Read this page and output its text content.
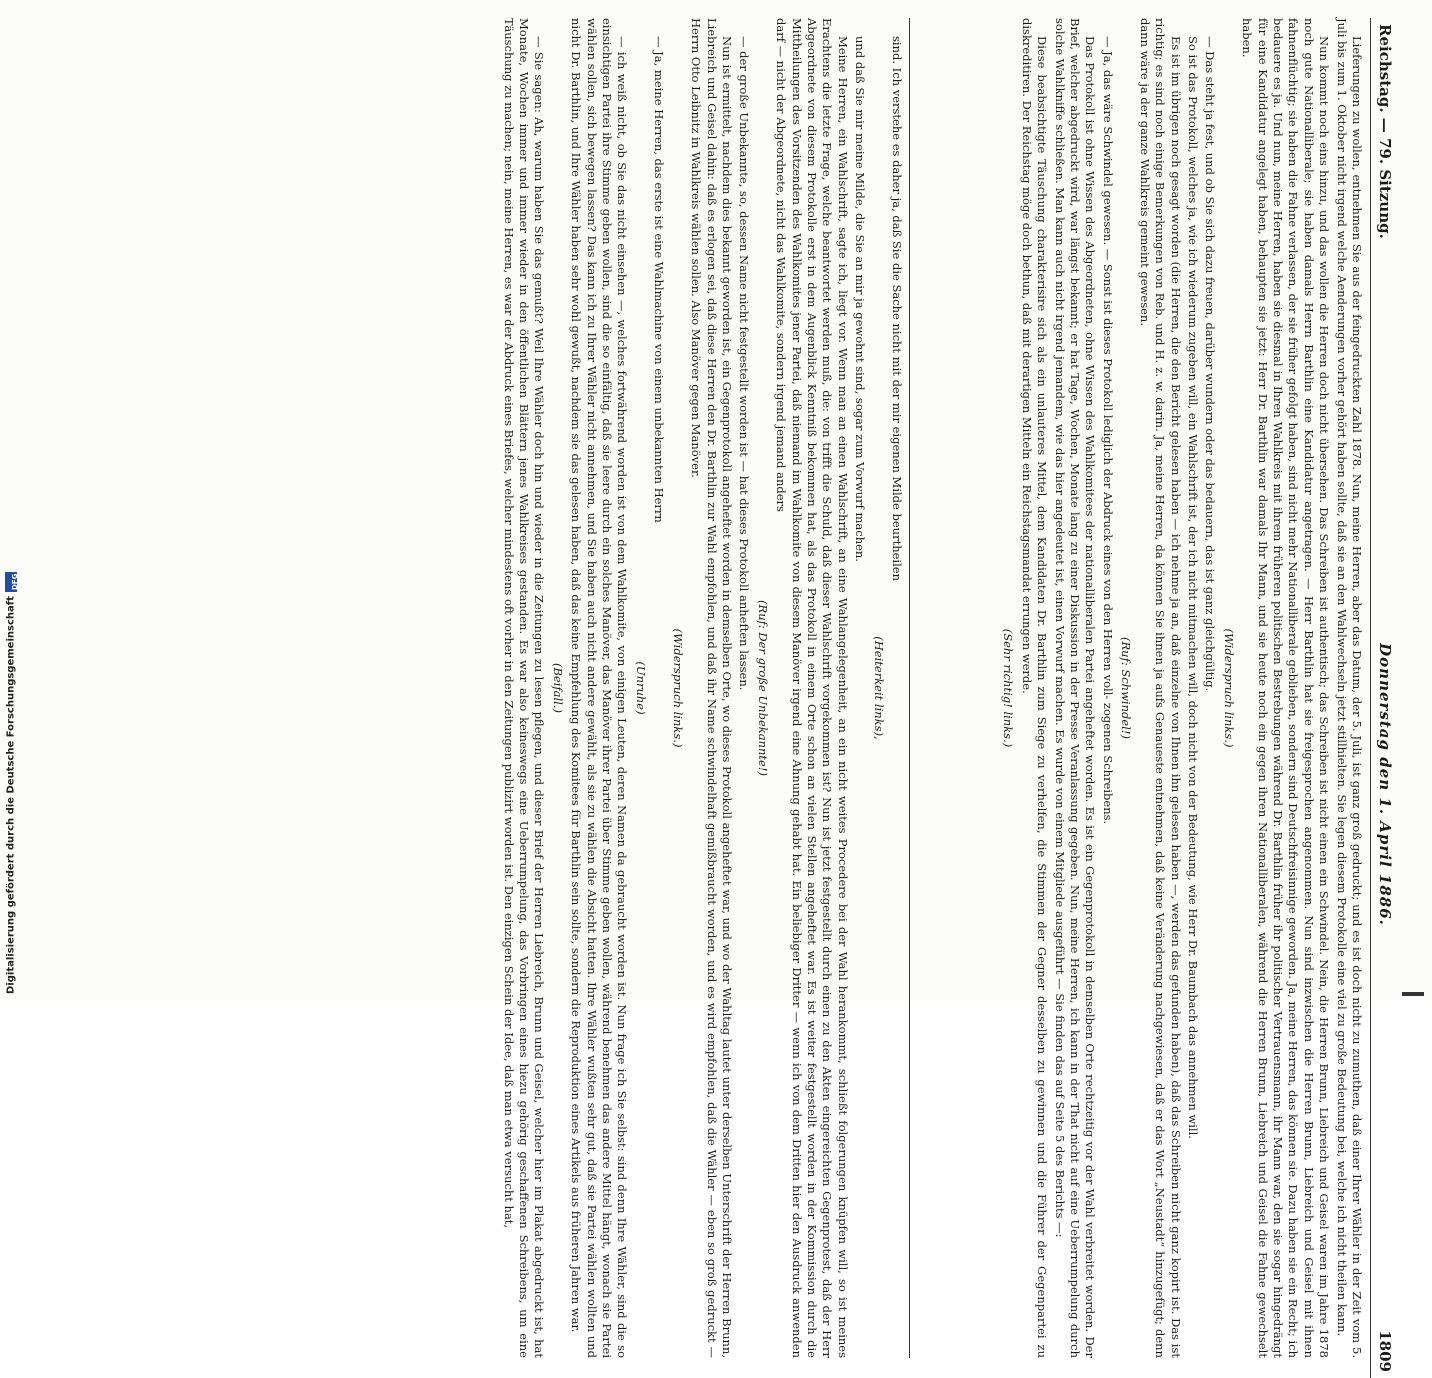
Reichstag. — 79. Sitzung.
Donnerstag den 1. April 1886.
1809

Lieferungen zu wollen, entnehmen Sie aus der feingedruckten Zahl 1878. Nun, meine Herren, aber das Datum, der 5. Juli, ist ganz groß gedruckt; und es ist doch nicht zu zumuthen, daß einer Ihrer Wähler in der Zeit vom 5. Juli bis zum 1. Oktober nicht irgend welche Aenderungen vorher gehört haben sollte, daß sie an den Wahlwechseln jetzt stillhielten. Sie legen diesem Protokolle eine viel zu große Bedeutung bei, welche ich nicht theilen kann.

Nun kommt noch eins hinzu, und das wollen die Herren doch nicht übersehen. Das Schreiben ist authentisch; das Schreiben ist nicht einen ein Schwindel. Nein, die Herren Brunn, Liebreich und Geisel waren im Jahre 1878 noch gute Nationalliberale; sie haben damals Herrn Barthlin eine Kandidatur angetragen. — Herr Barthlin hat sie freigesprochen angenommen. Nun sind inzwischen die Herren Brunn, Liebreich und Geisel mit ihnen fahnenflüchtig; sie haben die Fahne verlassen, der sie früher gefolgt haben, sind nicht mehr Nationalliberale geblieben, sondern sind Deutschfreisinnige geworden. Ja, meine Herren, das können sie. Dazu haben sie ein Recht; ich bedauere es ja. Und nun, meine Herren, haben sie diesmal in Ihren Wahlkreis mit ihrem früheren politischen Bestrebungen während Dr. Barthlin früher ihr politischer Vertrauensmann, ihr Mann war, den sie sogar hingedrängt für eine Kandidatur angelegt haben, behaupten sie jetzt: Herr Dr. Barthlin war damals Ihr Mann, und sie heute noch ein gegen ihren Nationalliberalen, während die Herren Brunn, Liebreich und Geisel die Fahne gewechselt haben.

(Widerspruch links.)

— Das steht ja fest, und ob Sie sich dazu freuen, darüber wundern oder das bedauern, das ist ganz gleichgültig.

So ist das Protokoll, welches ja, wie ich wiederum zugeben will, ein Wahlschrift ist, der ich nicht mitmachen will, doch nicht von der Bedeutung, wie Herr Dr. Baumbach das annehmen will.

Es ist im übrigen noch gesagt worden (die Herren, die den Bericht gelesen haben — ich nehme ja an, daß einzelne von Ihnen ihn gelesen haben —, werden das gefunden haben), daß das Schreiben nicht ganz kopirt ist. Das ist richtig; es sind noch einige Bemerkungen von Reb. und H. z. w. darin. Ja, meine Herren, da können Sie ihnen ja aufs Genaueste entnehmen, daß keine Veränderung nachgewiesen, daß er das Wort „Neustadt“ hinzugefügt; denn dann wäre ja der ganze Wahlkreis gemeint gewesen.

(Ruf: Schwindel!)

— Ja, das wäre Schwindel gewesen. — Sonst ist dieses Protokoll lediglich der Abdruck eines von den Herren voll- zogenen Schreibens.

Das Protokoll ist ohne Wissen des Abgeordneten, ohne Wissen des Wahlkomitees der nationalliberalen Partei angeheftet worden. Es ist ein Gegenprotokoll in demselben Orte rechtzeitig vor der Wahl verbreitet worden. Der Brief, welcher abgedruckt wird, war längst bekannt; er hat Tage, Wochen, Monate lang zu einer Diskussion in der Presse Veranlassung gegeben. Nun, meine Herren, ich kann in der That nicht auf eine Ueberrumpelung durch solche Wahlkniffe schließen. Man kann auch nicht irgend jemandem, wie das hier angedeutet ist, einen Vorwurf machen. Es wurde von einem Mitgliede ausgeführt — Sie finden das auf Seite 5 des Berichts —:

Diese beabsichtigte Täuschung charakterisire sich als ein unlauteres Mittel, dem Kandidaten Dr. Barthlin zum Siege zu verhelfen, die Stimmen der Gegner desselben zu gewinnen und die Führer der Gegenpartei zu diskreditiren. Der Reichstag möge doch bethun, daß mit derartigen Mitteln ein Reichstagsmandat errungen werde.

(Sehr richtig! links.)

sind. Ich verstehe es daher ja, daß Sie die Sache nicht mit der mir eigenen Milde beurtheilen

(Heiterkeit links),

und daß Sie mir meine Milde, die Sie an mir ja gewohnt sind, sogar zum Vorwurf machen.

Meine Herren, ein Wahlschrift, sagte ich, liegt vor. Wenn man an einen Wahlschrift, an eine Wahlangelegenheit, an ein nicht weites Procedere bei der Wahl herankommt, schließt folgerungen knüpfen will, so ist meines Erachtens die letzte Frage, welche beantwortet werden muß, die: von trifft die Schuld, daß dieser Wahlschrift vorgekommen ist? Nun ist jetzt festgestellt durch einen zu den Akten eingereichten Gegenprotest, daß der Herr Abgeordnete von diesem Protokolle erst in dem Augenblick Kenntniß bekommen hat, als das Protokoll in einem Orte schon an vielen Stellen angeheftet war. Es ist weiter festgestellt worden in der Kommission durch die Mittheilungen des Vorsitzenden des Wahlkomites jener Partei, daß niemand im Wahlkomite von diesem Manöver irgend eine Ahnung gehabt hat. Ein beliebiger Dritter — wenn ich von dem Dritten hier den Ausdruck anwenden darf — nicht der Abgeordnete, nicht das Wahlkomite, sondern irgend jemand anders

(Ruf: Der große Unbekannte!)

— der große Unbekannte, so, dessen Name nicht festgestellt worden ist — hat dieses Protokoll anheften lassen.

Nun ist ermittelt, nachdem dies bekannt geworden ist, ein Gegenprotokoll angeheftet worden in demselben Orte, wo dieses Protokoll angeheftet war, und wo der Wahltag lautet unter derselben Unterschrift der Herren Brunn, Liebreich und Geisel dahin: daß es erlogen sei, daß diese Herren den Dr. Barthlin zur Wahl empfohlen, und daß ihr Name schwindelhaft gemißbraucht worden, und es wird empfohlen, daß die Wähler — eben so groß gedruckt — Herrn Otto Leibnitz in Wahlkreis wählen sollen. Also Manöver gegen Manöver.

(Widerspruch links.)

— Ja, meine Herren, das erste ist eine Wahlmachine von einem unbekannten Herrn

(Unruhe)

— ich weiß nicht, ob Sie das nicht einsehen —, welches fortwährend worden ist von dem Wahlkomite, von einigen Leuten, deren Namen da gebraucht worden ist. Nun frage ich Sie selbst: sind denn Ihre Wähler, sind die so einsichtigen Partei ihre Stimme geben wollen, sind die so einfältig, daß sie leere durch ein solches Manöver, das Manöver ihrer Partei über Stimme geben wollen, während benehmen das andere Mittel hängt, wonach sie Partei wählen sollen, sich bewegen lassen? Das kann ich zu Ihrer Wähler nicht annehmen, und Sie haben auch nicht andere gewählt, als sie zu wählen die Absicht hatten. Ihre Wähler wußten sehr gut, daß sie Partei wählen wollten und nicht Dr. Barthlin, und Ihre Wähler haben sehr wohl gewußt, nachdem sie das gelesen haben, daß das keine Empfehlung des Komitees für Barthlin sein sollte, sondern die Reproduktion eines Artikels aus früheren Jahren war.

(Beifall.)

— Sie sagen: Ah, warum haben Sie das gemußt? Weil Ihre Wähler doch hin und wieder in die Zeitungen zu lesen pflegen, und dieser Brief der Herren Liebreich, Brunn und Geisel, welcher hier im Plakat abgedruckt ist, hat Monate, Wochen immer und immer wieder in den öffentlichen Blättern jenes Wahlkreises gestanden. Es war also keineswegs eine Ueberrumpelung, das Vorbringen eines hiezu gehörig geschaffenen Schreibens, um eine Täuschung zu machen; nein, meine Herren, es war der Abdruck eines Briefes, welcher mindestens oft vorher in den Zeitungen publizirt worden ist. Den einzigen Schein der Idee, daß man etwa versucht hat,

Digitalisierung gefördert durch die Deutsche Forschungsgemeinschaft
DFG
